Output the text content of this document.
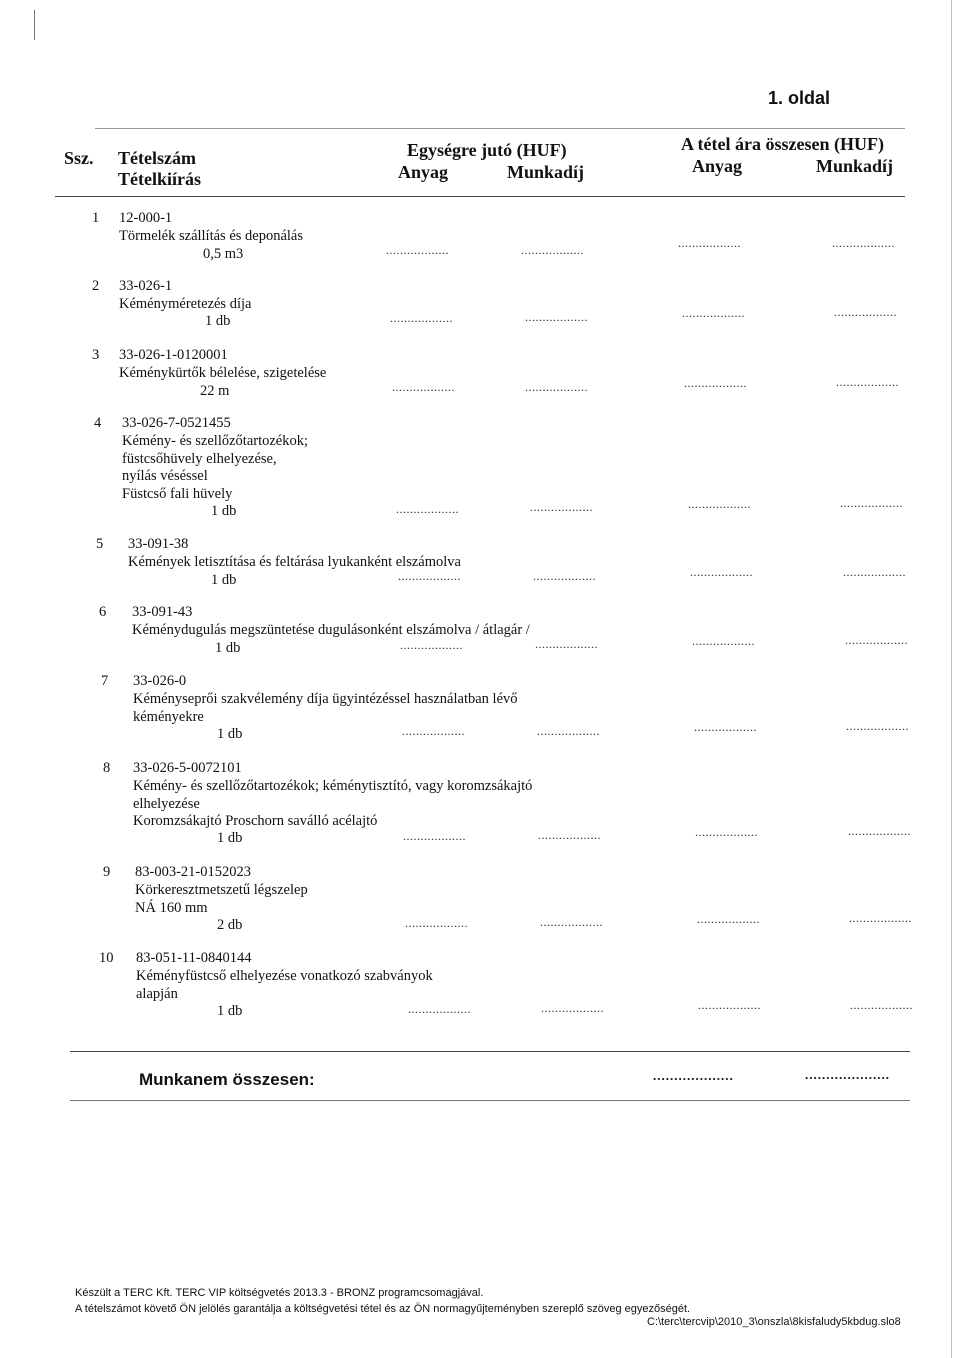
1. oldal
Ssz. Tételszám
Tételkiírás
Egységre jutó (HUF)
Anyag	Munkadíj
A tétel ára összesen (HUF)
Anyag	Munkadíj
1 12-000-1
Törmelék szállítás és deponálás
0,5 m3	..................	..................	..................	..................
2 33-026-1
Kéményméretezés díja
1 db	..................	..................	..................	..................
3 33-026-1-0120001
Kéménykürtők bélelése, szigetelése
22 m	..................	..................	..................	..................
4 33-026-7-0521455
Kémény- és szellőzőtartozékok;
füstcsőhüvely elhelyezése,
nyílás véséssel
Füstcső fali hüvely
1 db	..................	..................	..................	..................
5 33-091-38
Kémények letisztítása és feltárása lyukanként elszámolva
1 db	..................	..................	..................	..................
6 33-091-43
Kéménydugulás megszüntetése dugulásonként elszámolva / átlagár /
1 db	..................	..................	..................	..................
7 33-026-0
Kéményseprői szakvélemény díja ügyintézéssel használatban lévő
kéményekre
1 db	..................	..................	..................	..................
8 33-026-5-0072101
Kémény- és szellőzőtartozékok; kéménytisztító, vagy koromzsákajtó
elhelyezése
Koromzsákajtó Proschorn saválló acélajtó
1 db	..................	..................	..................	..................
9 83-003-21-0152023
Körkeresztmetszetű légszelep
NÁ 160 mm
2 db	..................	..................	..................	..................
10 83-051-11-0840144
Kéményfüstcső elhelyezése vonatkozó szabványok
alapján
1 db	..................	..................	..................	..................
Munkanem összesen:	...................	....................
Készült a TERC Kft. TERC VIP költségvetés 2013.3 - BRONZ programcsomagjával.
A tételszámot követő ÖN jelölés garantálja a költségvetési tétel és az ÖN normagyűjteményben szereplő szöveg egyezőségét.
C:\terc\tercvip\2010_3\onszla\8kisfaludy5kbdug.slo8
